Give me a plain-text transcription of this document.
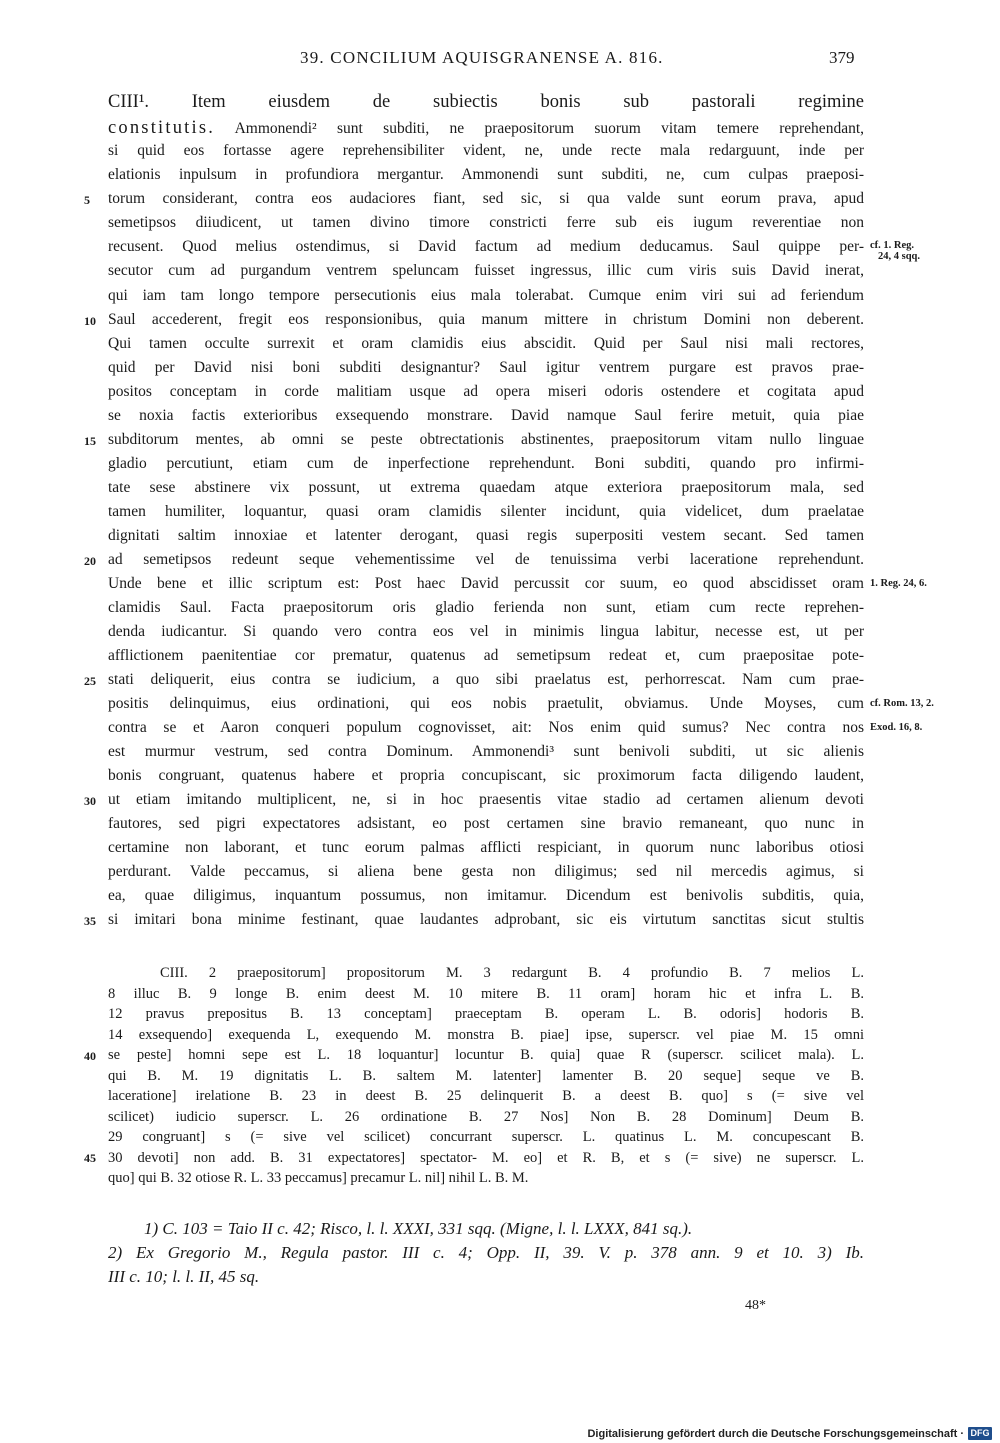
39. CONCILIUM AQUISGRANENSE A. 816.	379
CIII¹. Item eiusdem de subiectis bonis sub pastorali regimine
constitutis. Ammonendi² sunt subditi, ne praepositorum suorum vitam temere reprehendant,
si quid eos fortasse agere reprehensibiliter vident, ne, unde recte mala redarguunt, inde per
elationis inpulsum in profundiora mergantur. Ammonendi sunt subditi, ne, cum culpas praeposi-
torum considerant, contra eos audaciores fiant, sed sic, si qua valde sunt eorum prava, apud
semetipsos diiudicent, ut tamen divino timore constricti ferre sub eis iugum reverentiae non
recusent. Quod melius ostendimus, si David factum ad medium deducamus. Saul quippe per-
secutor cum ad purgandum ventrem speluncam fuisset ingressus, illic cum viris suis David inerat,
qui iam tam longo tempore persecutionis eius mala tolerabat. Cumque enim viri sui ad feriendum
Saul accederent, fregit eos responsionibus, quia manum mittere in christum Domini non deberent.
Qui tamen occulte surrexit et oram clamidis eius abscidit. Quid per Saul nisi mali rectores,
quid per David nisi boni subditi designantur? Saul igitur ventrem purgare est pravos prae-
positos conceptam in corde malitiam usque ad opera miseri odoris ostendere et cogitata apud
se noxia factis exterioribus exsequendo monstrare. David namque Saul ferire metuit, quia piae
subditorum mentes, ab omni se peste obtrectationis abstinentes, praepositorum vitam nullo linguae
gladio percutiunt, etiam cum de inperfectione reprehendunt. Boni subditi, quando pro infirmi-
tate sese abstinere vix possunt, ut extrema quaedam atque exteriora praepositorum mala, sed
tamen humiliter, loquantur, quasi oram clamidis silenter incidunt, quia videlicet, dum praelatae
dignitati saltim innoxiae et latenter derogant, quasi regis superpositi vestem secant. Sed tamen
ad semetipsos redeunt seque vehementissime vel de tenuissima verbi laceratione reprehendunt.
Unde bene et illic scriptum est: Post haec David percussit cor suum, eo quod abscidisset oram
clamidis Saul. Facta praepositorum oris gladio ferienda non sunt, etiam cum recte reprehen-
denda iudicantur. Si quando vero contra eos vel in minimis lingua labitur, necesse est, ut per
afflictionem paenitentiae cor prematur, quatenus ad semetipsum redeat et, cum praepositae pote-
stati deliquerit, eius contra se iudicium, a quo sibi praelatus est, perhorrescat. Nam cum prae-
positis delinquimus, eius ordinationi, qui eos nobis praetulit, obviamus. Unde Moyses, cum
contra se et Aaron conqueri populum cognovisset, ait: Nos enim quid sumus? Nec contra nos
est murmur vestrum, sed contra Dominum. Ammonendi³ sunt benivoli subditi, ut sic alienis
bonis congruant, quatenus habere et propria concupiscant, sic proximorum facta diligendo laudent,
ut etiam imitando multiplicent, ne, si in hoc praesentis vitae stadio ad certamen alienum devoti
fautores, sed pigri expectatores adsistant, eo post certamen sine bravio remaneant, quo nunc in
certamine non laborant, et tunc eorum palmas afflicti respiciant, in quorum nunc laboribus otiosi
perdurant. Valde peccamus, si aliena bene gesta non diligimus; sed nil mercedis agimus, si
ea, quae diligimus, inquantum possumus, non imitamur. Dicendum est benivolis subditis, quia,
si imitari bona minime festinant, quae laudantes adprobant, sic eis virtutum sanctitas sicut stultis
5
10
15
20
25
30
35
40
45
cf. 1. Reg.
24, 4 sqq.
1. Reg. 24, 6.
cf. Rom. 13, 2.
Exod. 16, 8.
CIII. 2 praepositorum] propositorum M. 3 redargunt B. 4 profundio B. 7 melios L.
8 illuc B. 9 longe B. enim deest M. 10 mitere B. 11 oram] horam hic et infra L. B.
12 pravus prepositus B. 13 conceptam] praeceptam B. operam L. B. odoris] hodoris B.
14 exsequendo] exequenda L, exequendo M. monstra B. piae] ipse, superscr. vel piae M. 15 omni
se peste] homni sepe est L. 18 loquantur] locuntur B. quia] quae R (superscr. scilicet mala). L.
qui B. M. 19 dignitatis L. B. saltem M. latenter] lamenter B. 20 seque] seque ve B.
laceratione] irelatione B. 23 in deest B. 25 delinquerit B. a deest B. quo] s (= sive vel
scilicet) iudicio superscr. L. 26 ordinatione B. 27 Nos] Non B. 28 Dominum] Deum B.
29 congruant] s (= sive vel scilicet) concurrant superscr. L. quatinus L. M. concupescant B.
30 devoti] non add. B. 31 expectatores] spectator- M. eo] et R. B, et s (= sive) ne superscr. L.
quo] qui B. 32 otiose R. L. 33 peccamus] precamur L. nil] nihil L. B. M.
1) C. 103 = Taio II c. 42; Risco, l. l. XXXI, 331 sqq. (Migne, l. l. LXXX, 841 sq.).
2) Ex Gregorio M., Regula pastor. III c. 4; Opp. II, 39. V. p. 378 ann. 9 et 10. 3) Ib.
III c. 10; l. l. II, 45 sq.
48*
Digitalisierung gefördert durch die Deutsche Forschungsgemeinschaft · DFG
